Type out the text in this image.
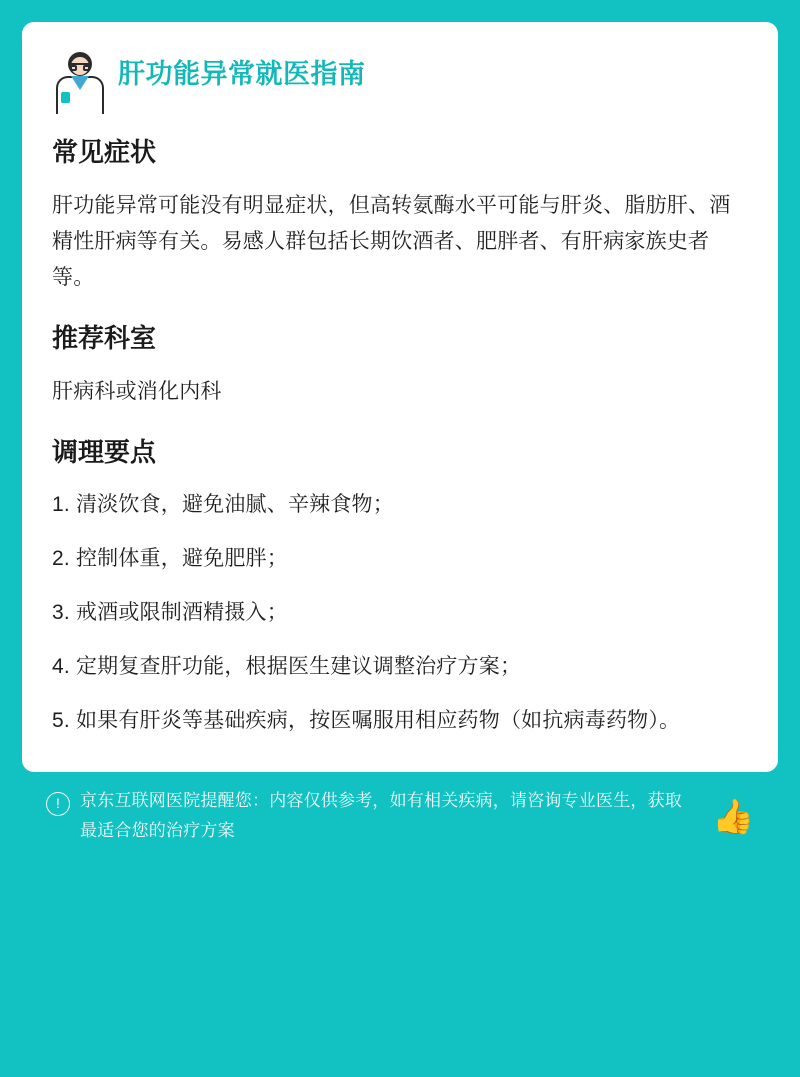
肝功能异常就医指南
常见症状

肝功能异常可能没有明显症状，但高转氨酶水平可能与肝炎、脂肪肝、酒精性肝病等有关。易感人群包括长期饮酒者、肥胖者、有肝病家族史者等。

推荐科室

肝病科或消化内科

调理要点
1. 清淡饮食，避免油腻、辛辣食物；
2. 控制体重，避免肥胖；
3. 戒酒或限制酒精摄入；
4. 定期复查肝功能，根据医生建议调整治疗方案；
5. 如果有肝炎等基础疾病，按医嘱服用相应药物（如抗病毒药物）。
!	京东互联网医院提醒您：内容仅供参考，如有相关疾病，请咨询专业医生，获取最适合您的治疗方案	👍
